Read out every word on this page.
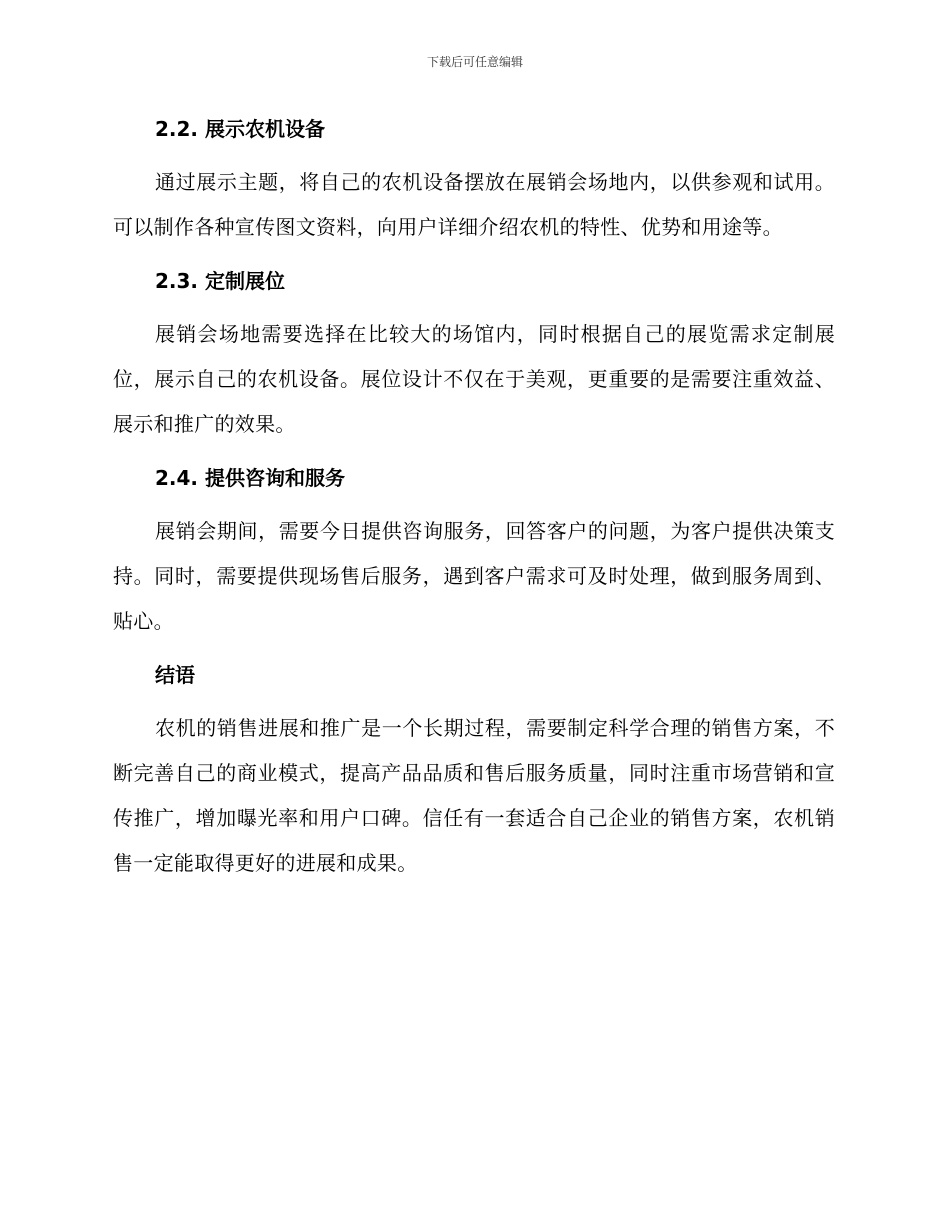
下载后可任意编辑
2.2. 展示农机设备

通过展示主题，将自己的农机设备摆放在展销会场地内，以供参观和试用。可以制作各种宣传图文资料，向用户详细介绍农机的特性、优势和用途等。

2.3. 定制展位

展销会场地需要选择在比较大的场馆内，同时根据自己的展览需求定制展位，展示自己的农机设备。展位设计不仅在于美观，更重要的是需要注重效益、展示和推广的效果。

2.4. 提供咨询和服务

展销会期间，需要今日提供咨询服务，回答客户的问题，为客户提供决策支持。同时，需要提供现场售后服务，遇到客户需求可及时处理，做到服务周到、贴心。

结语

农机的销售进展和推广是一个长期过程，需要制定科学合理的销售方案，不断完善自己的商业模式，提高产品品质和售后服务质量，同时注重市场营销和宣传推广，增加曝光率和用户口碑。信任有一套适合自己企业的销售方案，农机销售一定能取得更好的进展和成果。
